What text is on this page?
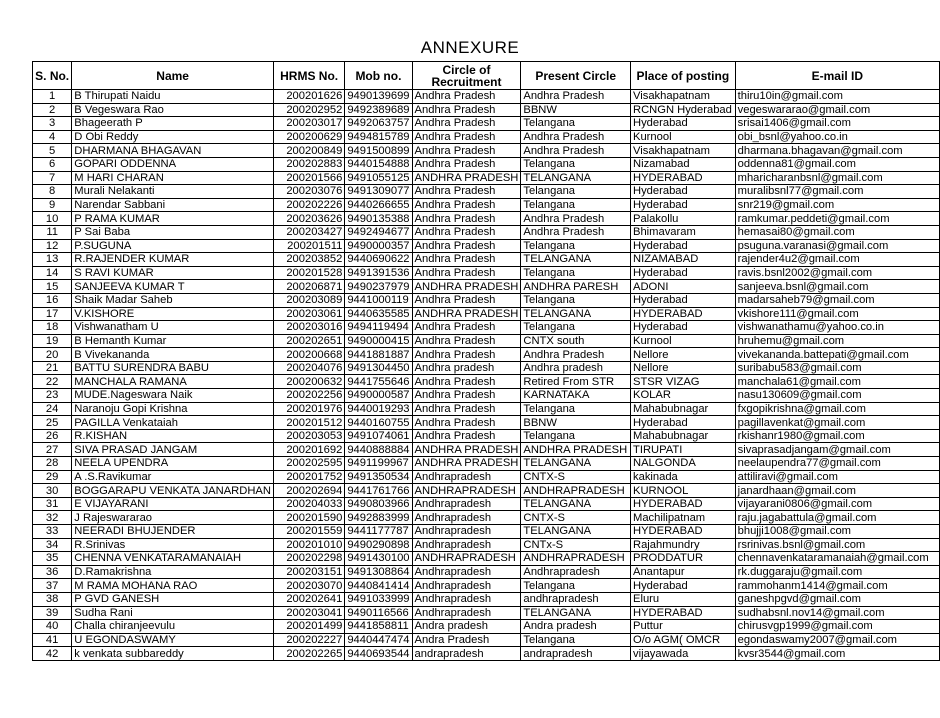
ANNEXURE
S. No.	Name	HRMS No.	Mob no.	Circle of Recruitment	Present Circle	Place of posting	E-mail ID
1	B Thirupati Naidu	200201626	9490139699	Andhra Pradesh	Andhra Pradesh	Visakhapatnam	thiru10in@gmail.com
2	B Vegeswara Rao	200202952	9492389689	Andhra Pradesh	BBNW	RCNGN Hyderabad	vegeswararao@gmail.com
3	Bhageerath P	200203017	9492063757	Andhra Pradesh	Telangana	Hyderabad	srisai1406@gmail.com
4	D Obi Reddy	200200629	9494815789	Andhra Pradesh	Andhra Pradesh	Kurnool	obi_bsnl@yahoo.co.in
5	DHARMANA BHAGAVAN	200200849	9491500899	Andhra Pradesh	Andhra Pradesh	Visakhapatnam	dharmana.bhagavan@gmail.com
6	GOPARI ODDENNA	200202883	9440154888	Andhra Pradesh	Telangana	Nizamabad	oddenna81@gmail.com
7	M HARI CHARAN	200201566	9491055125	ANDHRA PRADESH	TELANGANA	HYDERABAD	mharicharanbsnl@gmail.com
8	Murali Nelakanti	200203076	9491309077	Andhra Pradesh	Telangana	Hyderabad	muralibsnl77@gmail.com
9	Narendar Sabbani	200202226	9440266655	Andhra Pradesh	Telangana	Hyderabad	snr219@gmail.com
10	P RAMA KUMAR	200203626	9490135388	Andhra Pradesh	Andhra Pradesh	Palakollu	ramkumar.peddeti@gmail.com
11	P Sai Baba	200203427	9492494677	Andhra Pradesh	Andhra Pradesh	Bhimavaram	hemasai80@gmail.com
12	P.SUGUNA	200201511	9490000357	Andhra Pradesh	Telangana	Hyderabad	psuguna.varanasi@gmail.com
13	R.RAJENDER KUMAR	200203852	9440690622	Andhra Pradesh	TELANGANA	NIZAMABAD	rajender4u2@gmail.com
14	S RAVI KUMAR	200201528	9491391536	Andhra Pradesh	Telangana	Hyderabad	ravis.bsnl2002@gmail.com
15	SANJEEVA KUMAR T	200206871	9490237979	ANDHRA PRADESH	ANDHRA PARESH	ADONI	sanjeeva.bsnl@gmail.com
16	Shaik Madar Saheb	200203089	9441000119	Andhra Pradesh	Telangana	Hyderabad	madarsaheb79@gmail.com
17	V.KISHORE	200203061	9440635585	ANDHRA PRADESH	TELANGANA	HYDERABAD	vkishore111@gmail.com
18	Vishwanatham U	200203016	9494119494	Andhra Pradesh	Telangana	Hyderabad	vishwanathamu@yahoo.co.in
19	B Hemanth Kumar	200202651	9490000415	Andhra Pradesh	CNTX south	Kurnool	hruhemu@gmail.com
20	B Vivekananda	200200668	9441881887	Andhra Pradesh	Andhra Pradesh	Nellore	vivekananda.battepati@gmail.com
21	BATTU SURENDRA BABU	200204076	9491304450	Andhra pradesh	Andhra pradesh	Nellore	suribabu583@gmail.com
22	MANCHALA RAMANA	200200632	9441755646	Andhra Pradesh	Retired From STR	STSR VIZAG	manchala61@gmail.com
23	MUDE.Nageswara Naik	200202256	9490000587	Andhra Pradesh	KARNATAKA	KOLAR	nasu130609@gmail.com
24	Naranoju Gopi Krishna	200201976	9440019293	Andhra Pradesh	Telangana	Mahabubnagar	fxgopikrishna@gmail.com
25	PAGILLA Venkataiah	200201512	9440160755	Andhra Pradesh	BBNW	Hyderabad	pagillavenkat@gmail.com
26	R.KISHAN	200203053	9491074061	Andhra Pradesh	Telangana	Mahabubnagar	rkishanr1980@gmail.com
27	SIVA PRASAD JANGAM	200201692	9440888884	ANDHRA PRADESH	ANDHRA PRADESH	TIRUPATI	sivaprasadjangam@gmail.com
28	NEELA UPENDRA	200202595	9491199967	ANDHRA PRADESH	TELANGANA	NALGONDA	neelaupendra77@gmail.com
29	A .S.Ravikumar	200201752	9491350534	Andhrapradesh	CNTX-S	kakinada	attiliravi@gmail.com
30	BOGGARAPU VENKATA JANARDHAN	200202694	9441761766	ANDHRAPRADESH	ANDHRAPRADESH	KURNOOL	janardhaan@gmail.com
31	E VIJAYARANI	200204033	9490803966	Andhrapradesh	TELANGANA	HYDERABAD	vijayarani0806@gmail.com
32	J Rajeswararao	200201590	9492883999	Andhrapradesh	CNTX-S	Machilipatnam	raju.jagabattula@gmail.com
33	NEERADI BHUJENDER	200201559	9441177787	Andhrapradesh	TELANGANA	HYDERABAD	bhujji1008@gmail.com
34	R.Srinivas	200201010	9490290898	Andhrapradesh	CNTx-S	Rajahmundry	rsrinivas.bsnl@gmail.com
35	CHENNA VENKATARAMANAIAH	200202298	9491430100	ANDHRAPRADESH	ANDHRAPRADESH	PRODDATUR	chennavenkataramanaiah@gmail.com
36	D.Ramakrishna	200203151	9491308864	Andhrapradesh	Andhrapradesh	Anantapur	rk.duggaraju@gmail.com
37	M RAMA MOHANA RAO	200203070	9440841414	Andhrapradesh	Telangana	Hyderabad	rammohanm1414@gmail.com
38	P GVD GANESH	200202641	9491033999	Andhrapradesh	andhrapradesh	Eluru	ganeshpgvd@gmail.com
39	Sudha Rani	200203041	9490116566	Andhrapradesh	TELANGANA	HYDERABAD	sudhabsnl.nov14@gmail.com
40	Challa chiranjeevulu	200201499	9441858811	Andra pradesh	Andra pradesh	Puttur	chirusvgp1999@gmail.com
41	U EGONDASWAMY	200202227	9440447474	Andra Pradesh	Telangana	O/o AGM( OMCR	egondaswamy2007@gmail.com
42	k venkata subbareddy	200202265	9440693544	andrapradesh	andrapradesh	vijayawada	kvsr3544@gmail.com
